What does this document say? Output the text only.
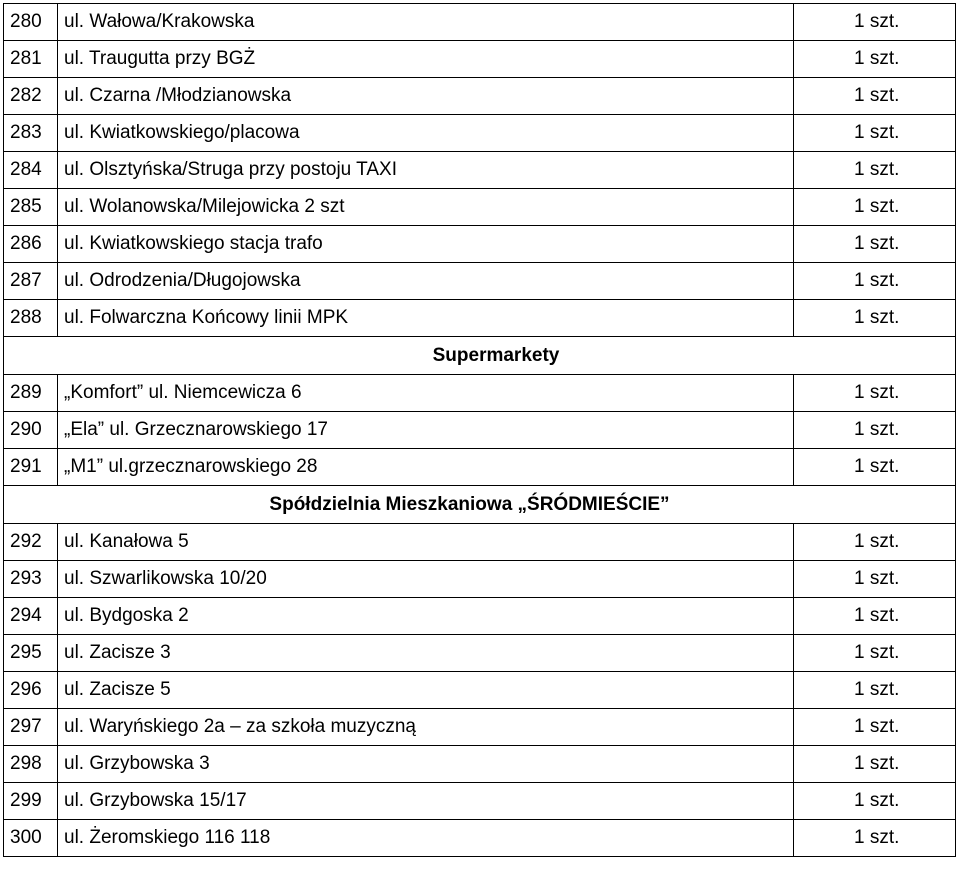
280	ul. Wałowa/Krakowska	1 szt.
281	ul. Traugutta przy BGŻ	1 szt.
282	ul. Czarna /Młodzianowska	1 szt.
283	ul. Kwiatkowskiego/placowa	1 szt.
284	ul. Olsztyńska/Struga przy postoju TAXI	1 szt.
285	ul. Wolanowska/Milejowicka 2 szt	1 szt.
286	ul. Kwiatkowskiego stacja trafo	1 szt.
287	ul. Odrodzenia/Długojowska	1 szt.
288	ul. Folwarczna Końcowy linii MPK	1 szt.
Supermarkety		
289	„Komfort” ul. Niemcewicza 6	1 szt.
290	„Ela” ul. Grzecznarowskiego 17	1 szt.
291	„M1” ul.grzecznarowskiego 28	1 szt.
Spółdzielnia Mieszkaniowa „ŚRÓDMIEŚCIE”		
292	ul. Kanałowa 5	1 szt.
293	ul. Szwarlikowska 10/20	1 szt.
294	ul. Bydgoska 2	1 szt.
295	ul. Zacisze 3	1 szt.
296	ul. Zacisze 5	1 szt.
297	ul. Waryńskiego 2a – za szkoła muzyczną	1 szt.
298	ul. Grzybowska 3	1 szt.
299	ul. Grzybowska 15/17	1 szt.
300	ul. Żeromskiego 116 118	1 szt.
